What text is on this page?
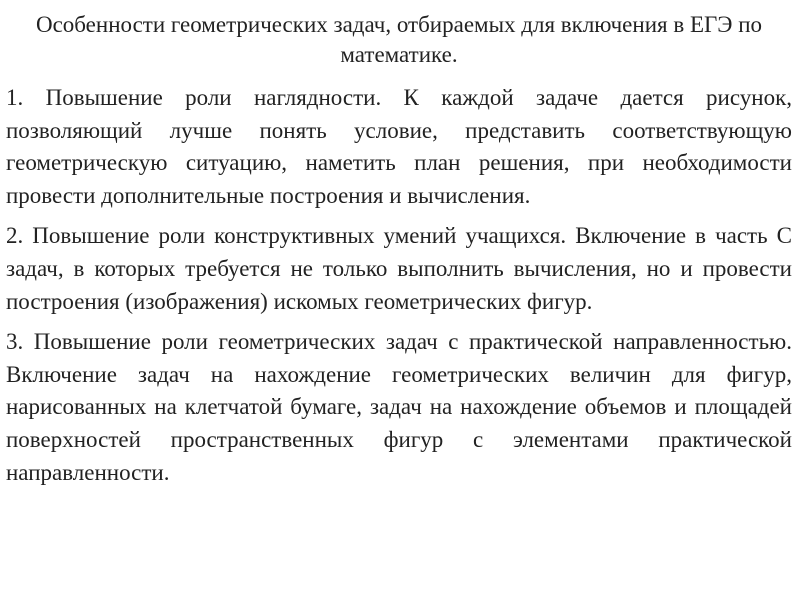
Особенности геометрических задач, отбираемых для включения в ЕГЭ по математике.

1. Повышение роли наглядности. К каждой задаче дается рисунок, позволяющий лучше понять условие, представить соответствующую геометрическую ситуацию, наметить план решения, при необходимости провести дополнительные построения и вычисления.

2. Повышение роли конструктивных умений учащихся. Включение в часть С задач, в которых требуется не только выполнить вычисления, но и провести построения (изображения) искомых геометрических фигур.

3. Повышение роли геометрических задач с практической направленностью. Включение задач на нахождение геометрических величин для фигур, нарисованных на клетчатой бумаге, задач на нахождение объемов и площадей поверхностей пространственных фигур с элементами практической направленности.
